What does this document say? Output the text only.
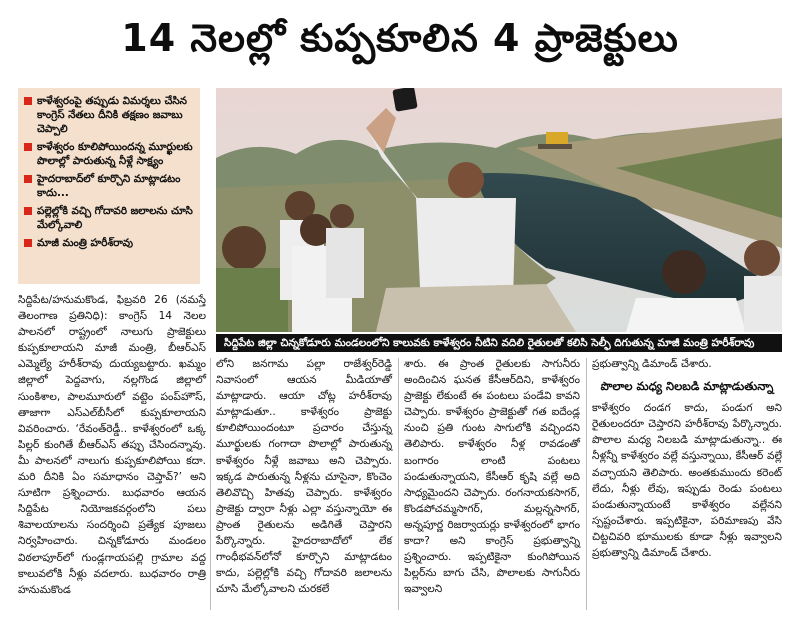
14 నెలల్లో కుప్పకూలిన 4 ప్రాజెక్టులు
కాళేశ్వరంపై తప్పుడు విమర్శలు చేసిన కాంగ్రెస్ నేతలు దీనికి తక్షణం జవాబు చెప్పాలి
కాళేశ్వరం కూలిపోయిందన్న మూర్ఖులకు పొలాల్లో పారుతున్న నీళ్లే సాక్ష్యం
హైదరాబాద్‌లో కూర్చొని మాట్లాడటం కాదు...
పల్లెల్లోకి వచ్చి గోదావరి జలాలను చూసి మేల్కోవాలి
మాజీ మంత్రి హరీశ్‌రావు
సిద్దిపేట జిల్లా చిన్నకోడూరు మండలంలోని కాలువకు కాళేశ్వరం నీటిని వదిలి రైతులతో కలిసి సెల్ఫీ దిగుతున్న మాజీ మంత్రి హరీశ్‌రావు

సిద్దిపేట/హనుమకొండ, ఫిబ్రవరి 26 (నమస్తే తెలంగాణ ప్రతినిధి): కాంగ్రెస్ 14 నెలల పాలనలో రాష్ట్రంలో నాలుగు ప్రాజెక్టులు కుప్పకూలాయని మాజీ మంత్రి, బీఆర్‌ఎస్ ఎమ్మెల్యే హరీశ్‌రావు దుయ్యబట్టారు. ఖమ్మం జిల్లాలో పెద్దవాగు, నల్లగొండ జిల్లాలో సుంకిశాల, పాలమూరులో వట్టెం పంప్‌హౌస్, తాజాగా ఎస్‌ఎల్‌బీసీలో కుప్పకూలాయని వివరించారు. ‘రేవంత్‌రెడ్డీ.. కాళేశ్వరంలో ఒక్క పిల్లర్ కుంగితే బీఆర్‌ఎస్ తప్పు చేసిందన్నావు. మీ పాలనలో నాలుగు కుప్పకూలిపోయి కదా. మరి దీనికి ఏం సమాధానం చెప్తావ్?’ అని సూటిగా ప్రశ్నించారు. బుధవారం ఆయన సిద్దిపేట నియోజకవర్గంలోని పలు శివాలయాలను సందర్శించి ప్రత్యేక పూజలు నిర్వహించారు. చిన్నకోడూరు మండలం విఠలాపూర్‌లో గుండ్లగాయపల్లి గ్రామాల వద్ద కాలువలోకి నీళ్లు వదలారు. బుధవారం రాత్రి హనుమకొండ

లోని జనగామ పల్లా రాజేశ్వర్‌రెడ్డి నివాసంలో ఆయన మీడియాతో మాట్లాడారు. ఆయా చోట్ల హరీశ్‌రావు మాట్లాడుతూ.. కాళేశ్వరం ప్రాజెక్టు కూలిపోయిందంటూ ప్రచారం చేస్తున్న మూర్ఖులకు గంగాదా పొలాల్లో పారుతున్న కాళేశ్వరం నీళ్లే జవాబు అని చెప్పారు. ఇక్కడ పారుతున్న నీళ్లను చూసైనా, కొంచెం తెలివొచ్చి హితవు చెప్పారు. కాళేశ్వరం ప్రాజెక్టు ద్వారా నీళ్లు ఎల్లా వస్తున్నాయో ఈ ప్రాంత రైతులను అడిగితే చెప్తారని పేర్కొన్నారు. హైదరాబాదోలో లేక గాంధీభవన్‌లోనో కూర్చొని మాట్లాడటం కాదు, పల్లెల్లోకి వచ్చి గోదావరి జలాలను చూసి మేల్కోవాలని చురకలే

శారు. ఈ ప్రాంత రైతులకు సాగునీరు అందించిన ఘనత కేసీఆర్‌దిని, కాళేశ్వరం ప్రాజెక్టు లేకుంటే ఈ పంటలు పండేవి కావని చెప్పారు. కాళేశ్వరం ప్రాజెక్టుతో గత ఐదేండ్ల నుంచి ప్రతి గుంట సాగులోకి వచ్చిందని తెలిపారు. కాళేశ్వరం నీళ్ల రావడంతో బంగారం లాంటి పంటలు పండుతున్నాయని, కేసీఆర్ కృషి వల్లే అది సాధ్యమైందని చెప్పారు. రంగనాయకసాగర్, కొండపోచమ్మసాగర్, మల్లన్నసాగర్, అన్నపూర్ణ రిజర్వాయర్లు కాళేశ్వరంలో భాగం కాదా? అని కాంగ్రెస్ ప్రభుత్వాన్ని ప్రశ్నించారు. ఇప్పటికైనా కుంగిపోయిన పిల్లర్‌ను బాగు చేసి, పొలాలకు సాగునీరు ఇవ్వాలని

ప్రభుత్వాన్ని డిమాండ్ చేశారు.

పొలాల మధ్య నిలబడి మాట్లాడుతున్నా

కాళేశ్వరం దండగ కాదు, పండుగ అని రైతులందరూ చెప్తారని హరీశ్‌రావు పేర్కొన్నారు. పొలాల మధ్య నిలబడి మాట్లాడుతున్నా.. ఈ నీళ్లన్నీ కాళేశ్వరం వల్లే వస్తున్నాయి, కేసీఆర్ వల్లే వచ్చాయని తెలిపారు. అంతకుముందు కరెంట్ లేదు, నీళ్లు లేవు, ఇప్పుడు రెండు పంటలు పండుతున్నాయంటే కాళేశ్వరం వల్లేనని స్పష్టంచేశారు. ఇప్పటికైనా, పరిమాణపు వేసి చిట్టచివరి భూములకు కూడా నీళ్లు ఇవ్వాలని ప్రభుత్వాన్ని డిమాండ్ చేశారు.
